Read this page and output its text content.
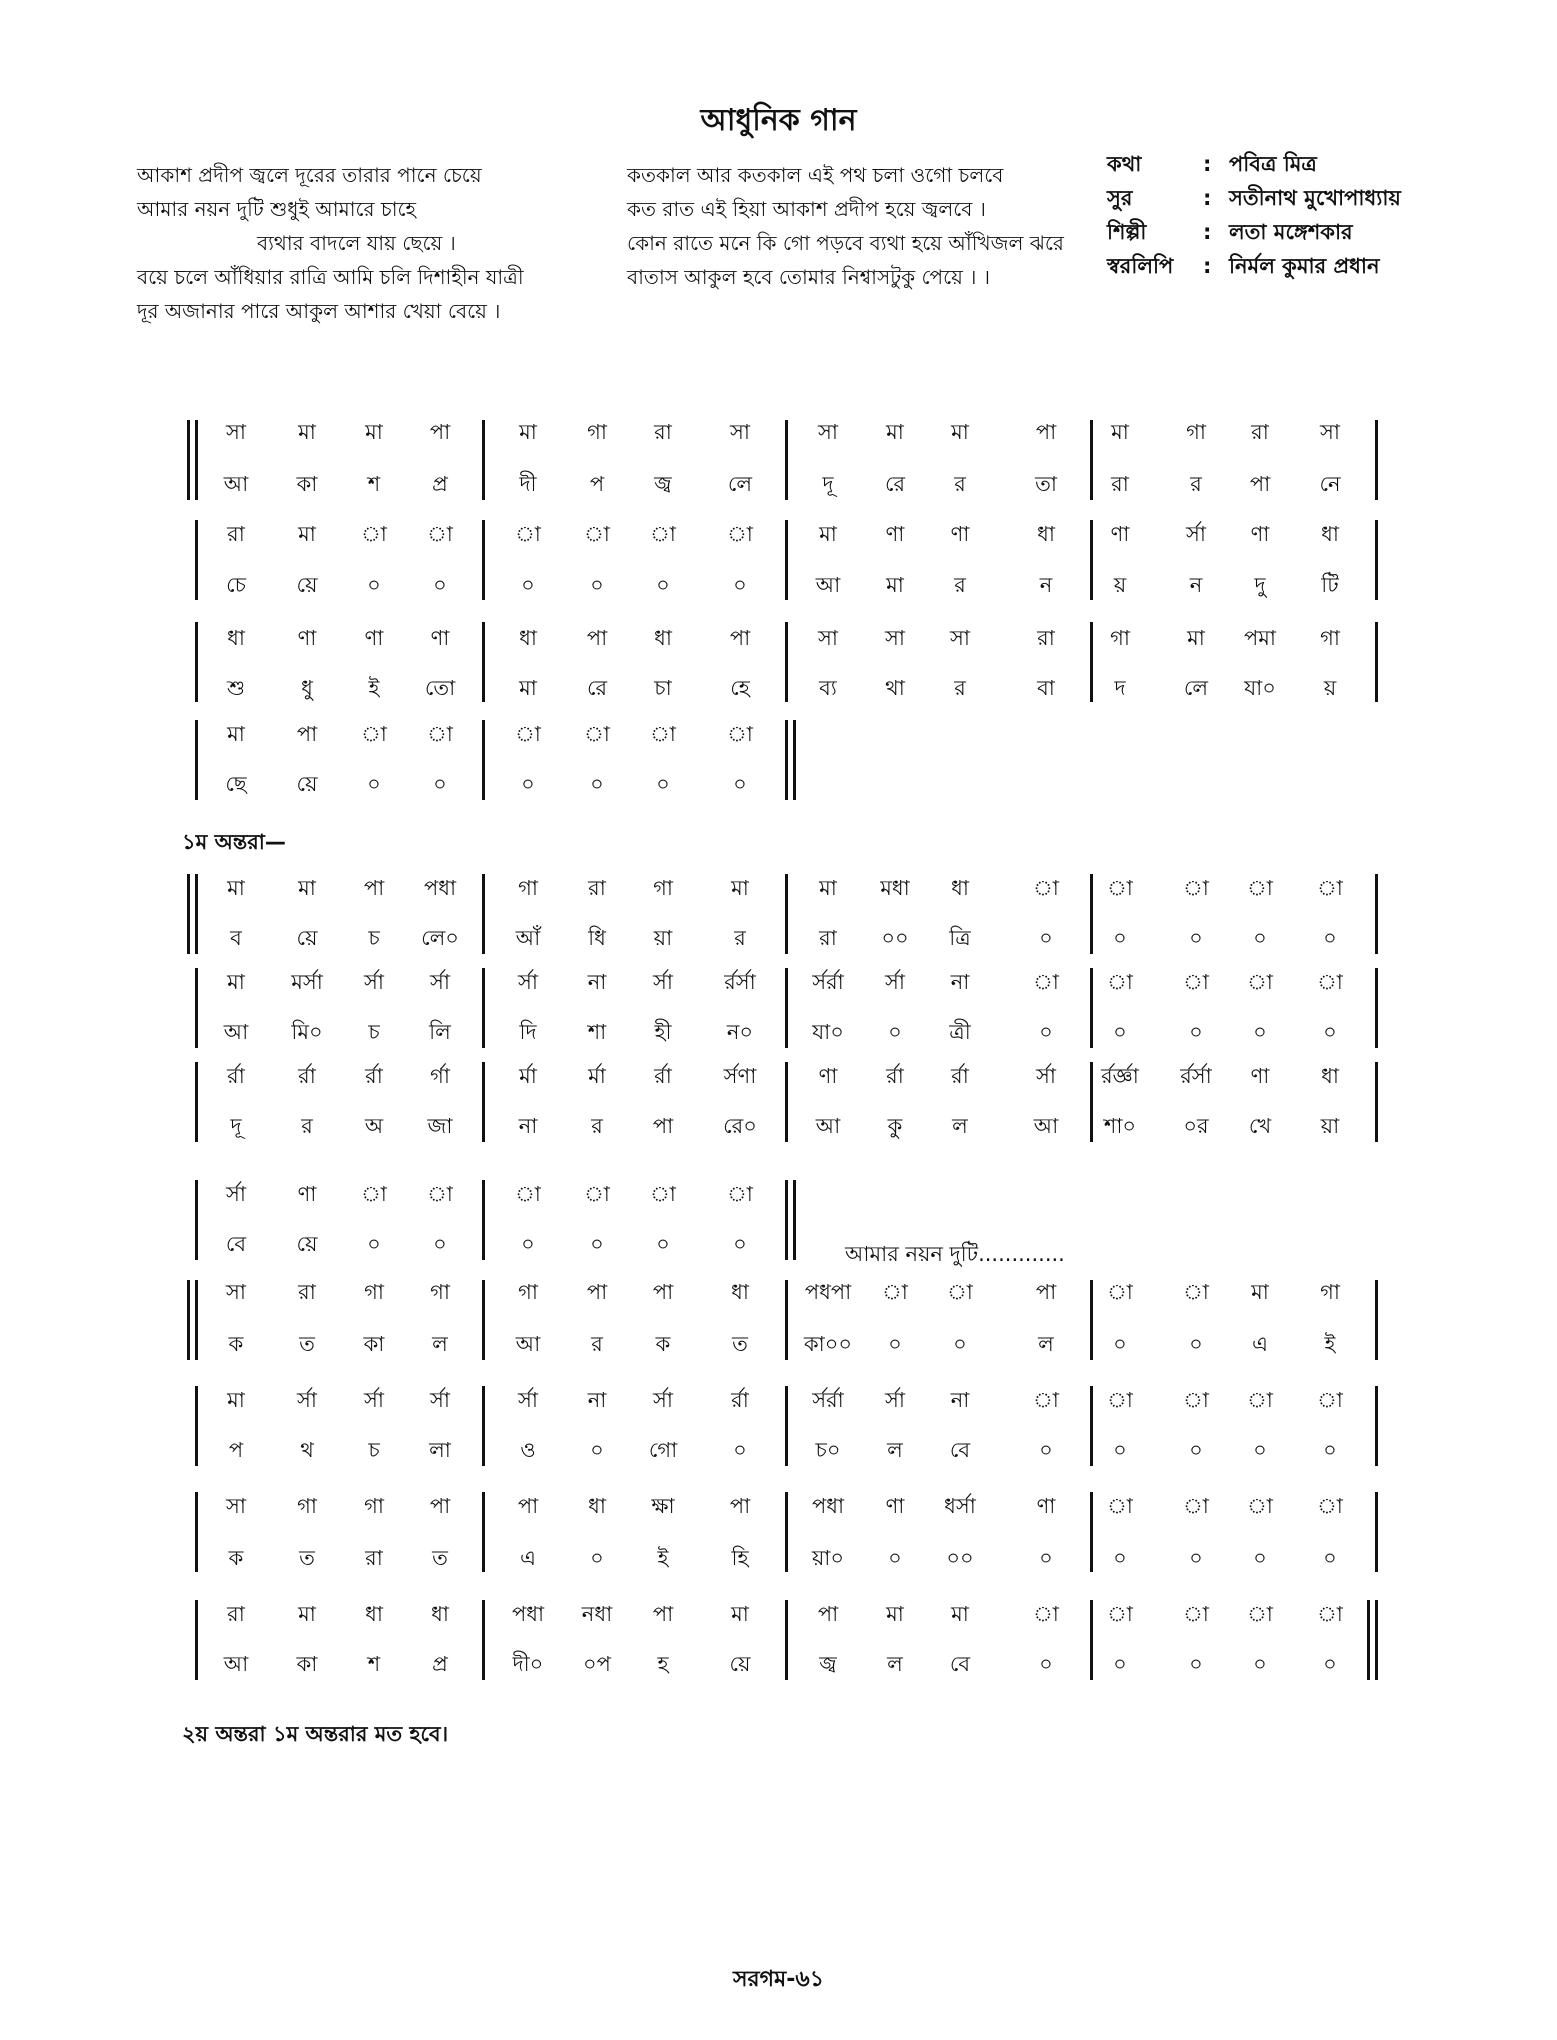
আধুনিক গান
আকাশ প্রদীপ জ্বলে দূরের তারার পানে চেয়ে
আমার নয়ন দুটি শুধুই আমারে চাহে
ব্যথার বাদলে যায় ছেয়ে ।
বয়ে চলে আঁধিয়ার রাত্রি আমি চলি দিশাহীন যাত্রী
দূর অজানার পারে আকুল আশার খেয়া বেয়ে ।
কতকাল আর কতকাল এই পথ চলা ওগো চলবে
কত রাত এই হিয়া আকাশ প্রদীপ হয়ে জ্বলবে ।
কোন রাতে মনে কি গো পড়বে ব্যথা হয়ে আঁখিজল ঝরে
বাতাস আকুল হবে তোমার নিশ্বাসটুকু পেয়ে । ।
কথা	: পবিত্র মিত্র
সুর	: সতীনাথ মুখোপাধ্যায়
শিল্পী	: লতা মঙ্গেশকার
স্বরলিপি : নির্মল কুমার প্রধান
সা	মা	মা	পা	মা	গা	রা	সা	সা	মা	মা	পা	মা	গা	রা	সা
আ	কা	শ	প্র	দী	প	জ্ব	লে	দূ	রে	র	তা	রা	র	পা	নে
রা	মা	া	া	া	া	া	া	মা	ণা	ণা	ধা	ণা	র্সা	ণা	ধা
চে	য়ে	০	০	০	০	০	০	আ	মা	র	ন	য়	ন	দু	টি
ধা	ণা	ণা	ণা	ধা	পা	ধা	পা	সা	সা	সা	রা	গা	মা	পমা	গা
শু	ধু	ই	তো	মা	রে	চা	হে	ব্য	থা	র	বা	দ	লে	যা০	য়
মা	পা	া	া	া	া	া	া
ছে	য়ে	০	০	০	০	০	০
মা	মা	পা	পধা	গা	রা	গা	মা	মা	মধা	ধা	া	া	া	া	া
ব	য়ে	চ	লে০	আঁ	ধি	য়া	র	রা	০০	ত্রি	০	০	০	০	০
মা	মর্সা	র্সা	র্সা	র্সা	না	র্সা	র্রর্সা	র্সর্রা	র্সা	না	া	া	া	া	া
আ	মি০	চ	লি	দি	শা	হী	ন০	যা০	০	ত্রী	০	০	০	০	০
র্রা	র্রা	র্রা	র্গা	র্মা	র্মা	র্রা	র্সণা	ণা	র্রা	র্রা	র্সা	র্রর্জ্ঞা	র্রর্সা	ণা	ধা
দূ	র	অ	জা	না	র	পা	রে০	আ	কু	ল	আ	শা০	০র	খে	য়া
র্সা	ণা	া	া	া	া	া	া
বে	য়ে	০	০	০	০	০	০
সা	রা	গা	গা	গা	পা	পা	ধা	পধপা	া	া	পা	া	া	মা	গা
ক	ত	কা	ল	আ	র	ক	ত	কা০০	০	০	ল	০	০	এ	ই
মা	র্সা	র্সা	র্সা	র্সা	না	র্সা	র্রা	র্সর্রা	র্সা	না	া	া	া	া	া
প	থ	চ	লা	ও	০	গো	০	চ০	ল	বে	০	০	০	০	০
সা	গা	গা	পা	পা	ধা	ক্ষা	পা	পধা	ণা	ধর্সা	ণা	া	া	া	া
ক	ত	রা	ত	এ	০	ই	হি	য়া০	০	০০	০	০	০	০	০
রা	মা	ধা	ধা	পধা	নধা	পা	মা	পা	মা	মা	া	া	া	া	া
আ	কা	শ	প্র	দী০	০প	হ	য়ে	জ্ব	ল	বে	০	০	০	০	০
১ম অন্তরা—
আমার নয়ন দুটি.............
২য় অন্তরা ১ম অন্তরার মত হবে।
সরগম-৬১
